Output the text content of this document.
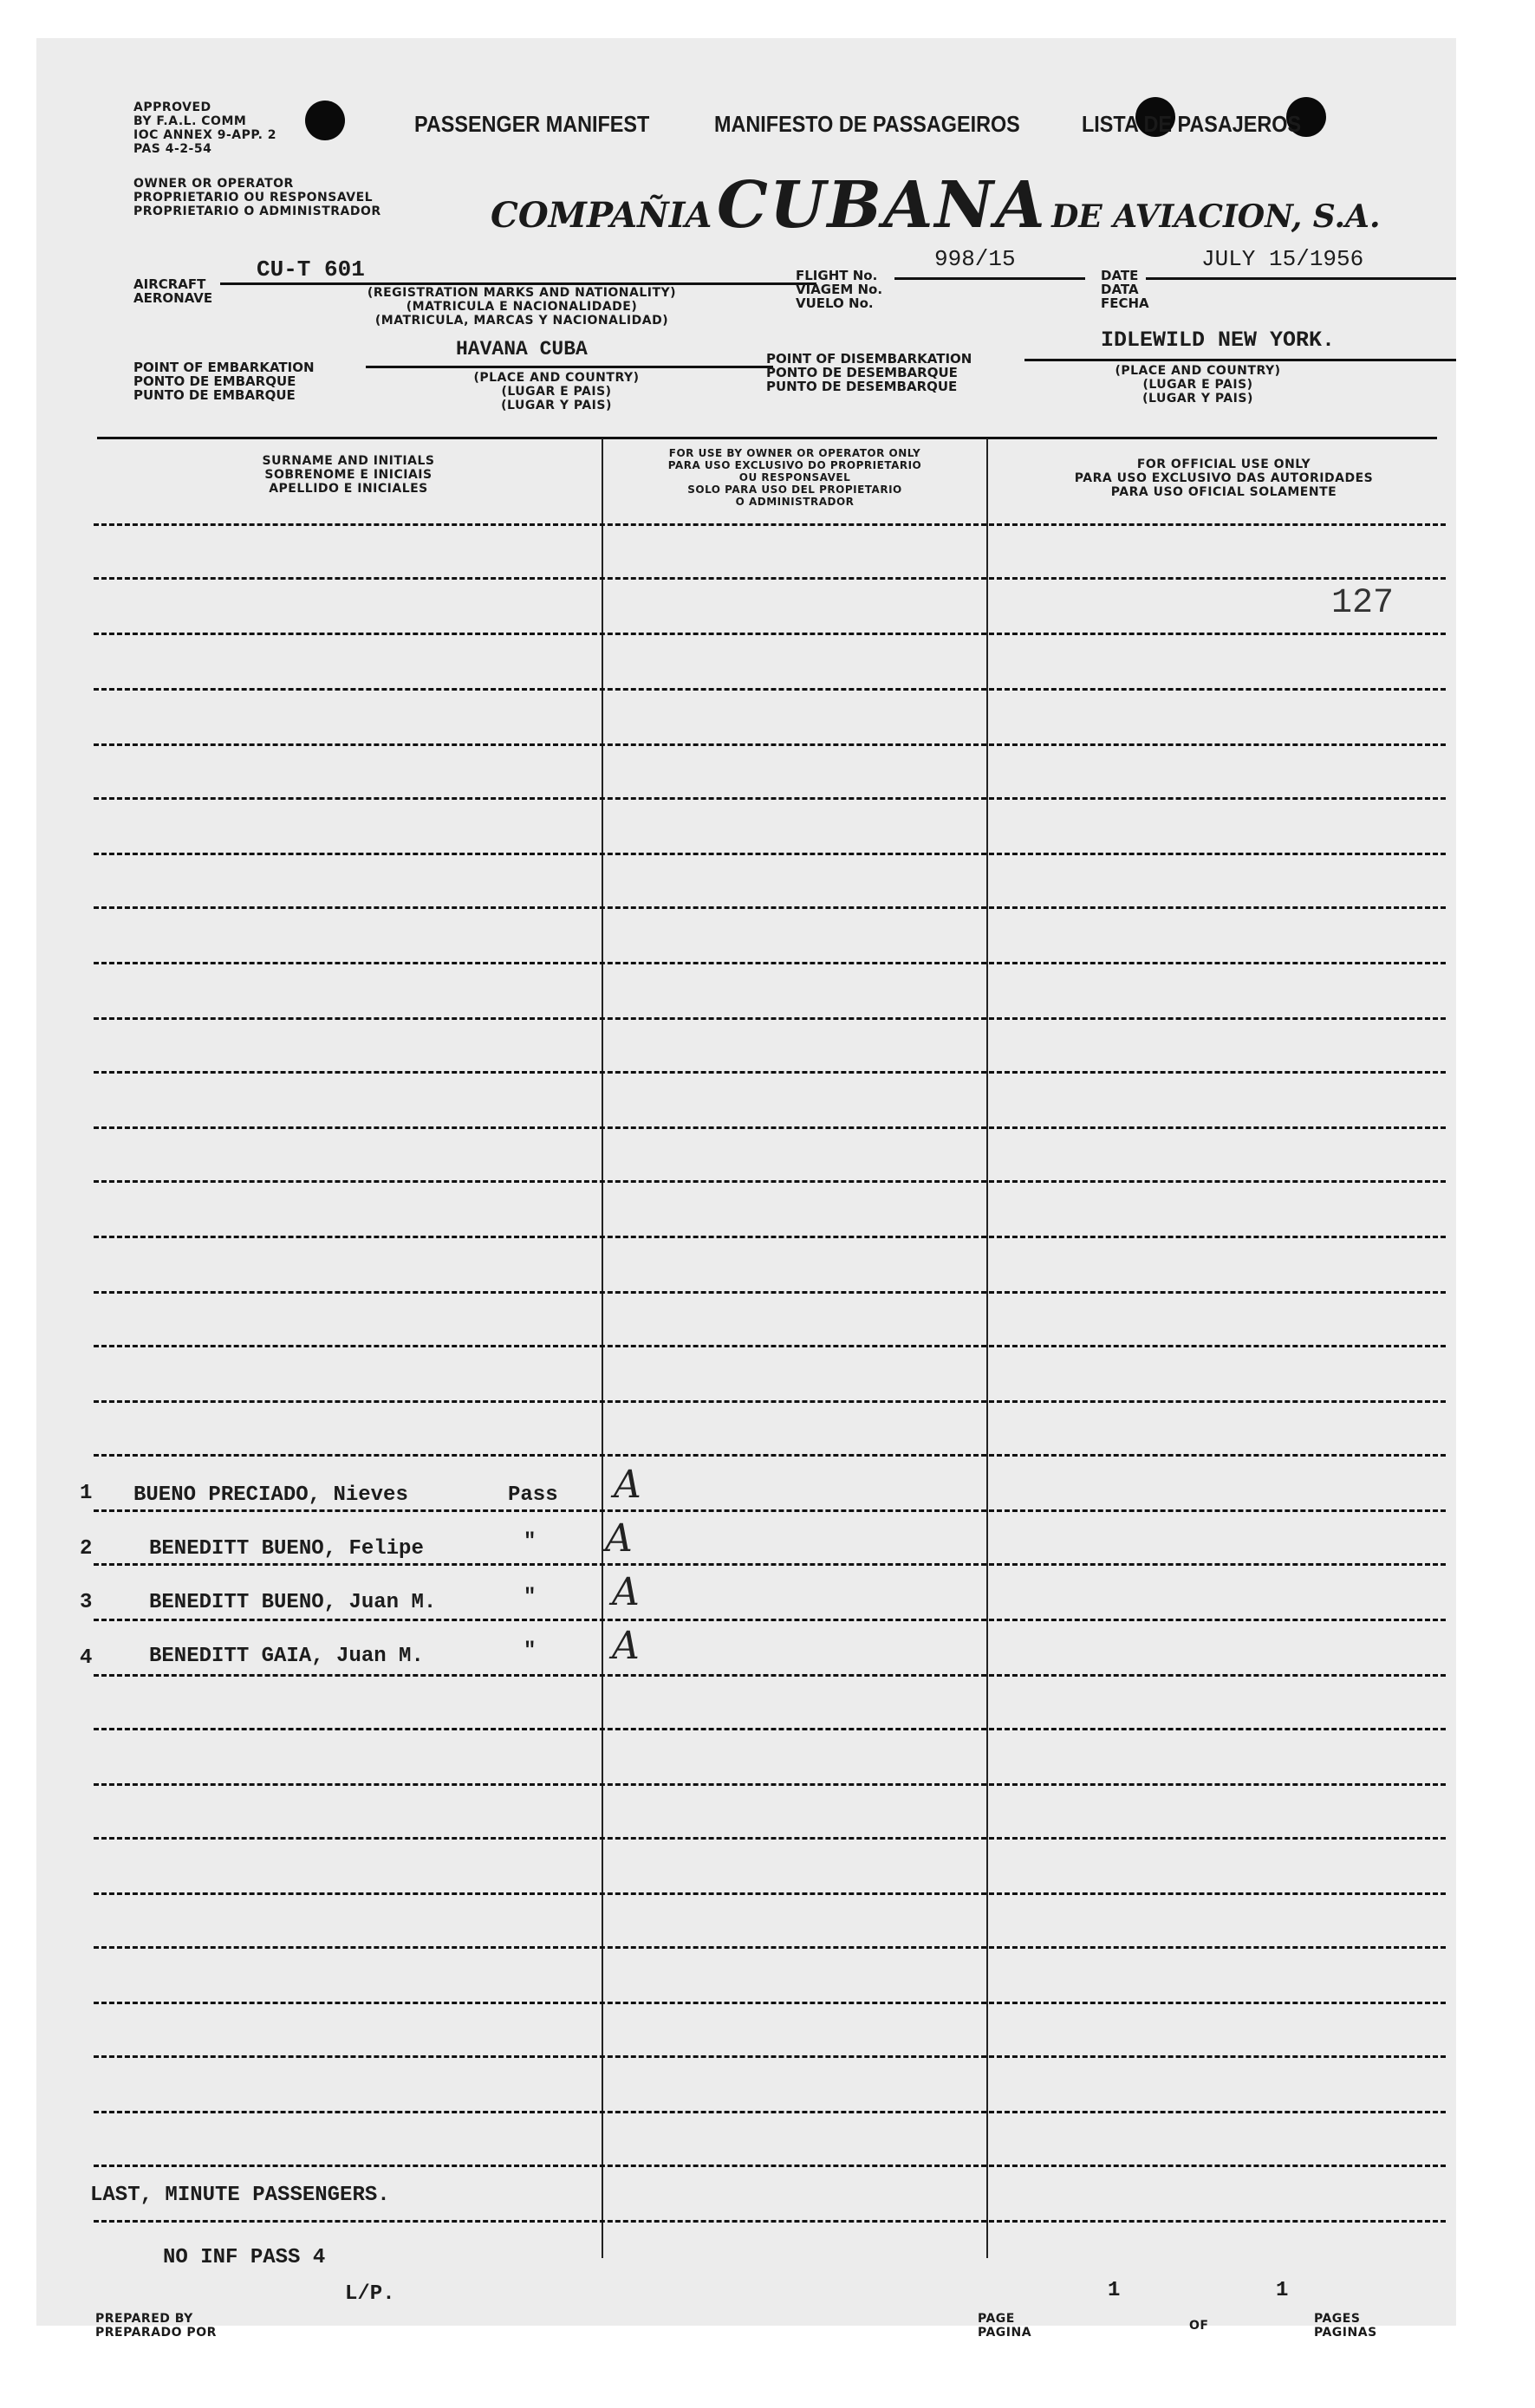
APPROVED
BY F.A.L. COMM
IOC ANNEX 9-APP. 2
PAS 4-2-54
PASSENGER MANIFEST	MANIFESTO DE PASSAGEIROS	LISTA DE PASAJEROS
OWNER OR OPERATOR
PROPRIETARIO OU RESPONSAVEL
PROPRIETARIO O ADMINISTRADOR	COMPAÑIA CUBANA DE AVIACION, S.A.
AIRCRAFT
AERONAVE
CU-T 601
(REGISTRATION MARKS AND NATIONALITY)
(MATRICULA E NACIONALIDADE)
(MATRICULA, MARCAS Y NACIONALIDAD)
FLIGHT No.
VIAGEM No.
VUELO No.
998/15
DATE
DATA
FECHA
JULY 15/1956
POINT OF EMBARKATION
PONTO DE EMBARQUE
PUNTO DE EMBARQUE
HAVANA CUBA
(PLACE AND COUNTRY)
(LUGAR E PAIS)
(LUGAR Y PAIS)
POINT OF DISEMBARKATION
PONTO DE DESEMBARQUE
PUNTO DE DESEMBARQUE
IDLEWILD NEW YORK.
(PLACE AND COUNTRY)
(LUGAR E PAIS)
(LUGAR Y PAIS)
SURNAME AND INITIALS
SOBRENOME E INICIAIS
APELLIDO E INICIALES
FOR USE BY OWNER OR OPERATOR ONLY
PARA USO EXCLUSIVO DO PROPRIETARIO
OU RESPONSAVEL
SOLO PARA USO DEL PROPIETARIO
O ADMINISTRADOR
FOR OFFICIAL USE ONLY
PARA USO EXCLUSIVO DAS AUTORIDADES
PARA USO OFICIAL SOLAMENTE
127
1 BUENO PRECIADO, Nieves	Pass A
2	BENEDITT BUENO, Felipe	" A
3	BENEDITT BUENO, Juan M.	" A
4	BENEDITT GAIA, Juan M.	" A
LAST, MINUTE PASSENGERS.
NO INF PASS 4
L/P.
PREPARED BY
PREPARADO POR
PAGE
PAGINA
1
OF
1
PAGES
PAGINAS
